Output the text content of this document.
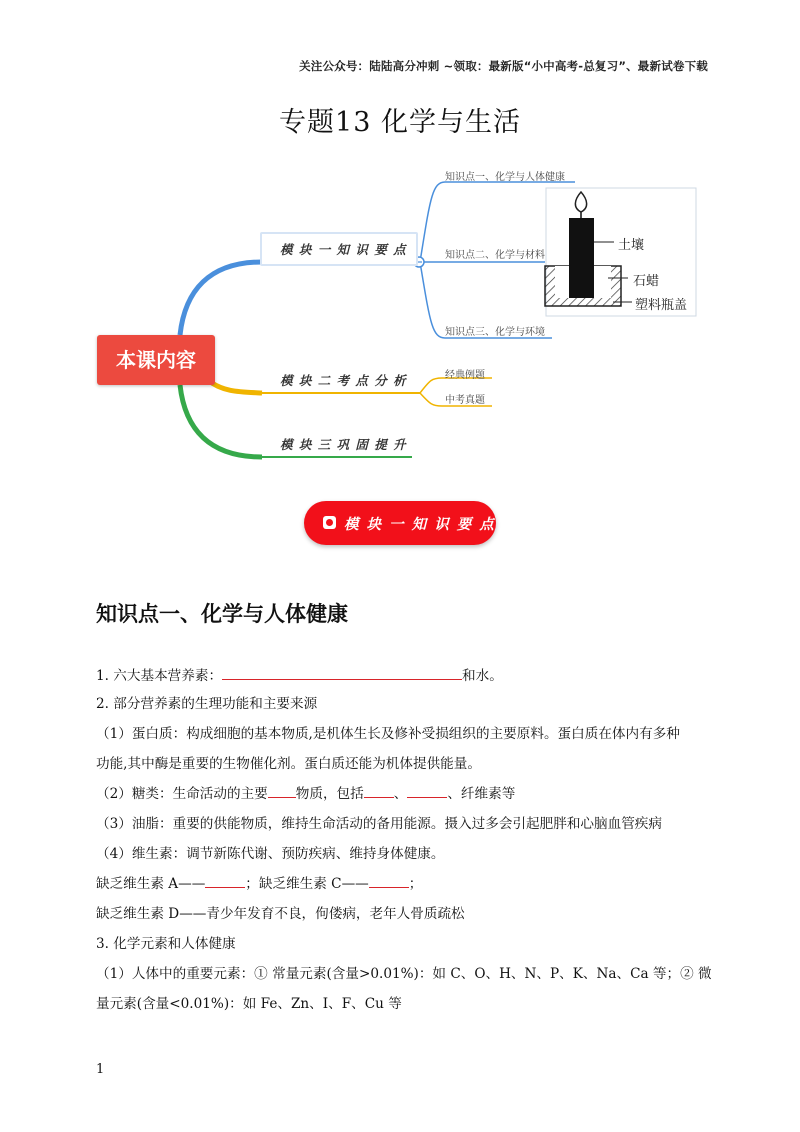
关注公众号：陆陆高分冲刺 ~领取：最新版“小中高考-总复习”、最新试卷下载
专题13 化学与生活
本课内容
模 块 一 知 识 要 点
模 块 二 考 点 分 析
模 块 三 巩 固 提 升
知识点一、化学与人体健康
知识点二、化学与材料
知识点三、化学与环境
经典例题
中考真题
土壤
石蜡
塑料瓶盖
模 块 一 知 识 要 点
知识点一、化学与人体健康
1. 六大基本营养素：	和水。
2. 部分营养素的生理功能和主要来源
（1）蛋白质：构成细胞的基本物质,是机体生长及修补受损组织的主要原料。蛋白质在体内有多种
功能,其中酶是重要的生物催化剂。蛋白质还能为机体提供能量。
（2）糖类：生命活动的主要 物质，包括 、	、纤维素等
（3）油脂：重要的供能物质，维持生命活动的备用能源。摄入过多会引起肥胖和心脑血管疾病
（4）维生素：调节新陈代谢、预防疾病、维持身体健康。
缺乏维生素 A——	；缺乏维生素 C——	；
缺乏维生素 D——青少年发育不良，佝偻病，老年人骨质疏松
3. 化学元素和人体健康
（1）人体中的重要元素：① 常量元素(含量>0.01%)：如 C、O、H、N、P、K、Na、Ca 等；② 微
量元素(含量<0.01%)：如 Fe、Zn、I、F、Cu 等
1
